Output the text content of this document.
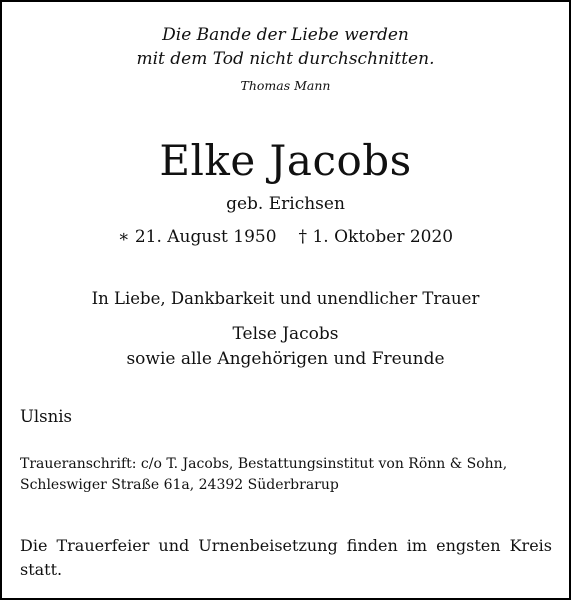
Die Bande der Liebe werden
mit dem Tod nicht durchschnitten.
Thomas Mann
Elke Jacobs
geb. Erichsen
∗ 21. August 1950 † 1. Oktober 2020
In Liebe, Dankbarkeit und unendlicher Trauer
Telse Jacobs
sowie alle Angehörigen und Freunde
Ulsnis
Traueranschrift: c/o T. Jacobs, Bestattungsinstitut von Rönn & Sohn, Schleswiger Straße 61a, 24392 Süderbrarup
Die Trauerfeier und Urnenbeisetzung finden im engsten Kreis statt.
